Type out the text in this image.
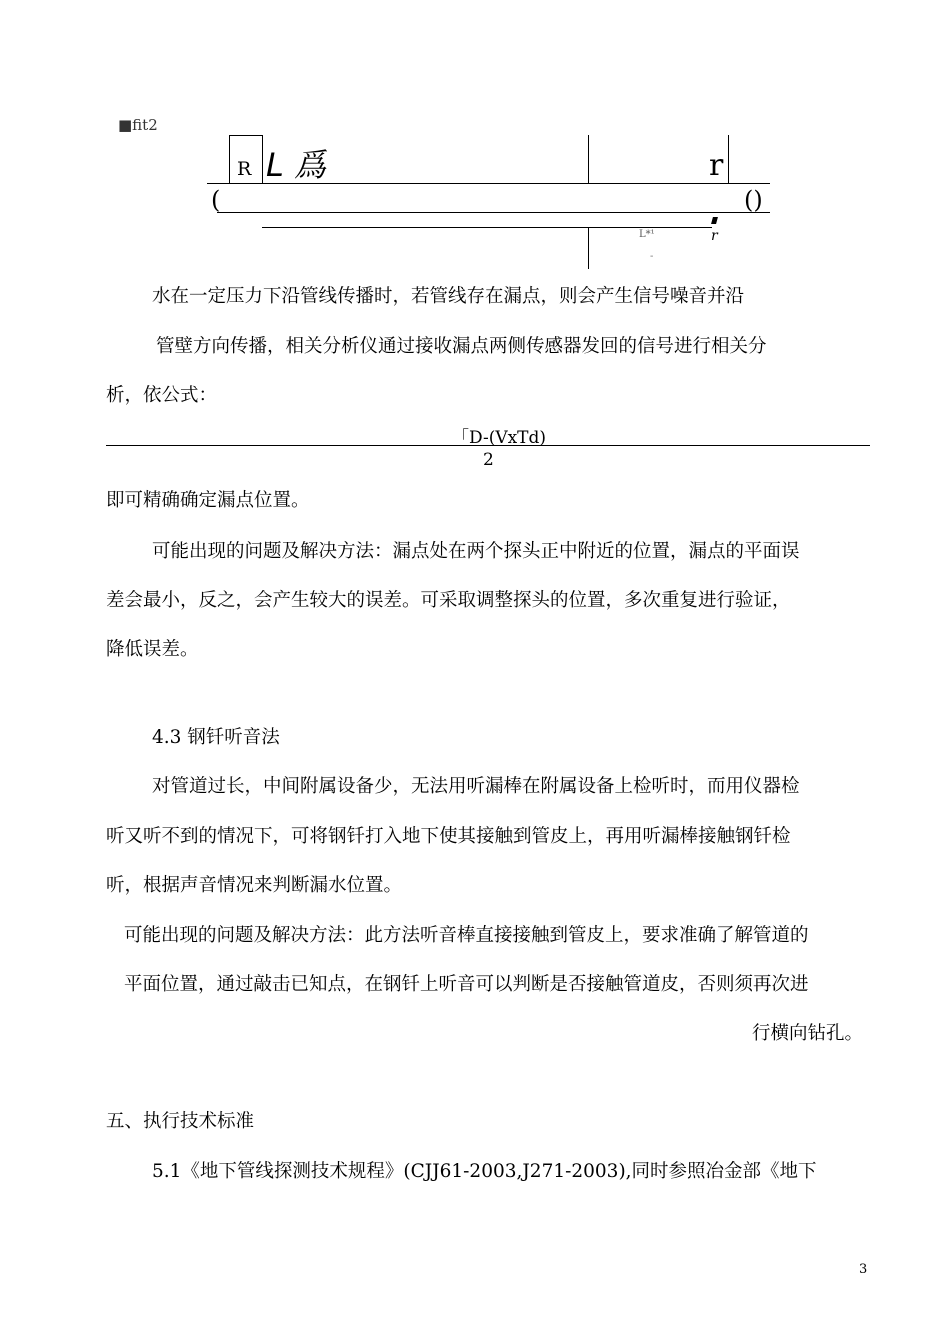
■fit2
R L 爲	r
(	()
r
L*¹
-
水在一定压力下沿管线传播时，若管线存在漏点，则会产生信号噪音并沿
管壁方向传播，相关分析仪通过接收漏点两侧传感器发回的信号进行相关分
析，依公式：
「D-(VxTd)
2
即可精确确定漏点位置。
可能出现的问题及解决方法：漏点处在两个探头正中附近的位置，漏点的平面误
差会最小，反之，会产生较大的误差。可采取调整探头的位置，多次重复进行验证，
降低误差。
4.3 钢钎听音法
对管道过长，中间附属设备少，无法用听漏棒在附属设备上检听时，而用仪器检
听又听不到的情况下，可将钢钎打入地下使其接触到管皮上，再用听漏棒接触钢钎检
听，根据声音情况来判断漏水位置。
可能出现的问题及解决方法：此方法听音棒直接接触到管皮上，要求准确了解管道的
平面位置，通过敲击已知点，在钢钎上听音可以判断是否接触管道皮，否则须再次进
行横向钻孔。
五、执行技术标准
5.1《地下管线探测技术规程》(CJJ61-2003,J271-2003),同时参照冶金部《地下
3
